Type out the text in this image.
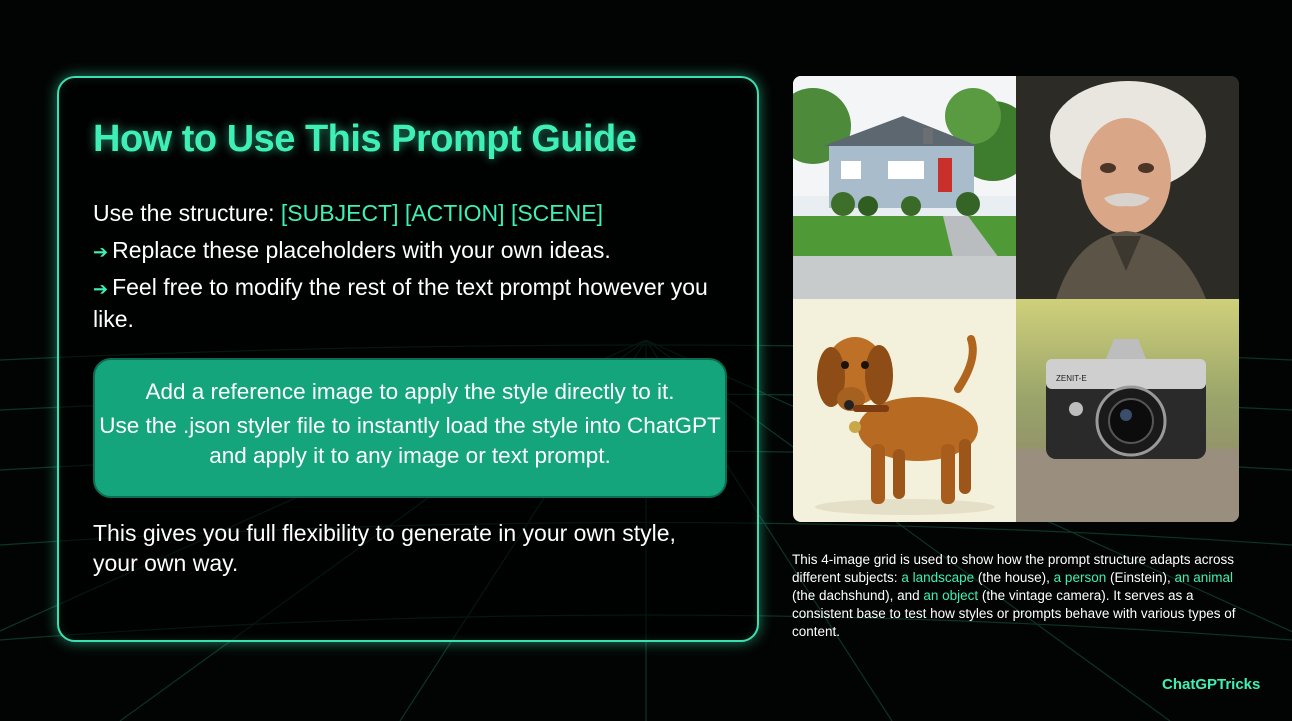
How to Use This Prompt Guide
Use the structure: [SUBJECT] [ACTION] [SCENE]
➔ Replace these placeholders with your own ideas.
➔ Feel free to modify the rest of the text prompt however you like.

Add a reference image to apply the style directly to it.

Use the .json styler file to instantly load the style into ChatGPT and apply it to any image or text prompt.

This gives you full flexibility to generate in your own style, your own way.
ZENIT-E
This 4-image grid is used to show how the prompt structure adapts across different subjects: a landscape (the house), a person (Einstein), an animal (the dachshund), and an object (the vintage camera). It serves as a consistent base to test how styles or prompts behave with various types of content.
ChatGPTricks
